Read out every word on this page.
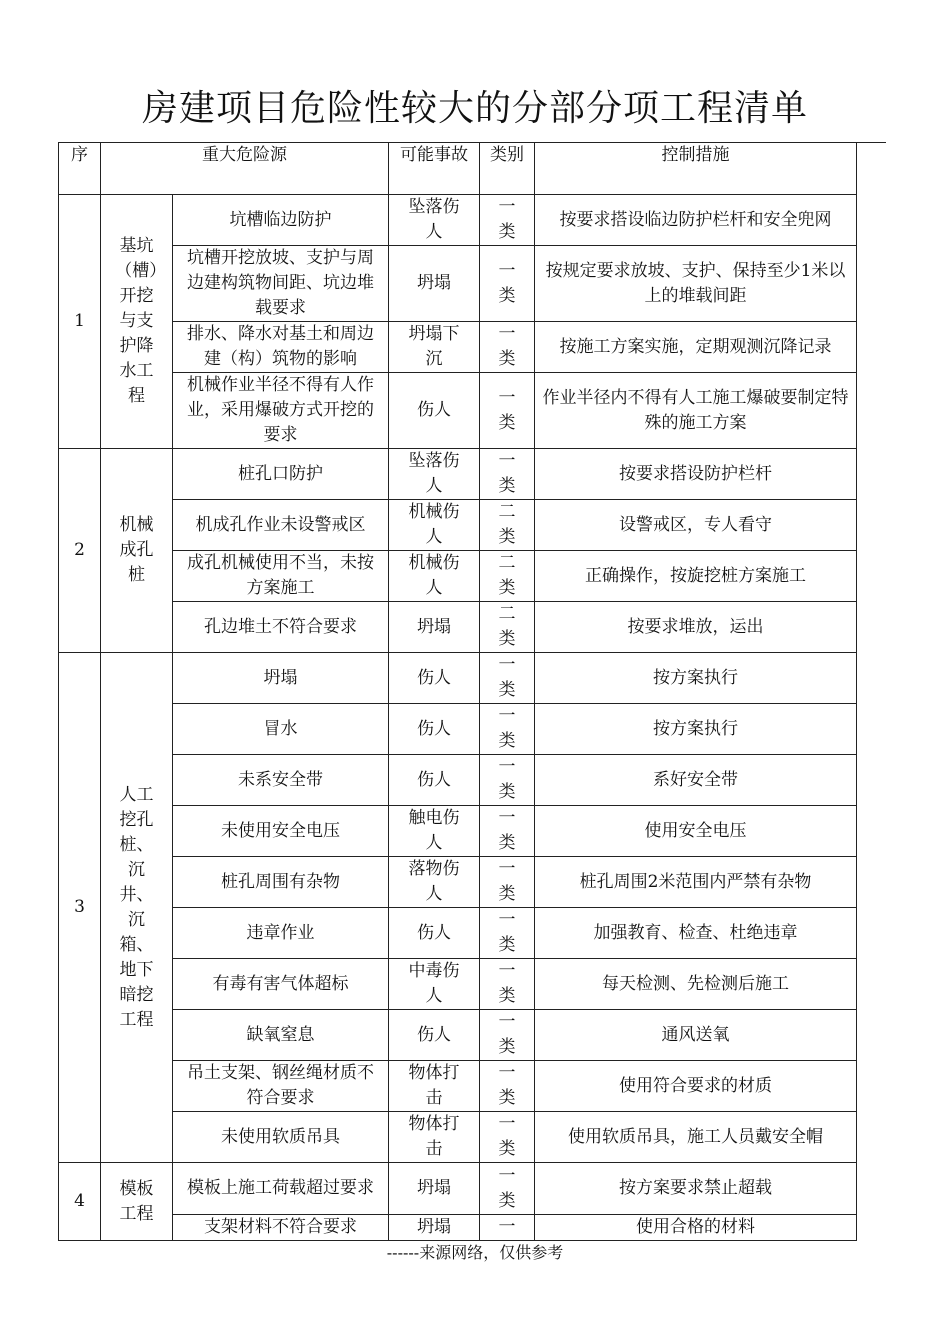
房建项目危险性较大的分部分项工程清单
序	重大危险源		可能事故	类别	控制措施
1	基坑（槽）开挖与支护降水工程	坑槽临边防护	坠落伤人	一类	按要求搭设临边防护栏杆和安全兜网
		坑槽开挖放坡、支护与周边建构筑物间距、坑边堆载要求	坍塌	一类	按规定要求放坡、支护、保持至少1米以上的堆载间距
		排水、降水对基土和周边建（构）筑物的影响	坍塌下沉	一类	按施工方案实施，定期观测沉降记录
		机械作业半径不得有人作业，采用爆破方式开挖的要求	伤人	一类	作业半径内不得有人工施工爆破要制定特殊的施工方案
2	机械成孔桩	桩孔口防护	坠落伤人	一类	按要求搭设防护栏杆
		机成孔作业未设警戒区	机械伤人	二类	设警戒区，专人看守
		成孔机械使用不当，未按方案施工	机械伤人	二类	正确操作，按旋挖桩方案施工
		孔边堆土不符合要求	坍塌	二类	按要求堆放，运出
3	人工挖孔桩、沉井、沉箱、地下暗挖工程	坍塌	伤人	一类	按方案执行
		冒水	伤人	一类	按方案执行
		未系安全带	伤人	一类	系好安全带
		未使用安全电压	触电伤人	一类	使用安全电压
		桩孔周围有杂物	落物伤人	一类	桩孔周围2米范围内严禁有杂物
		违章作业	伤人	一类	加强教育、检查、杜绝违章
		有毒有害气体超标	中毒伤人	一类	每天检测、先检测后施工
		缺氧窒息	伤人	一类	通风送氧
		吊土支架、钢丝绳材质不符合要求	物体打击	一类	使用符合要求的材质
		未使用软质吊具	物体打击	一类	使用软质吊具，施工人员戴安全帽
4	模板工程	模板上施工荷载超过要求	坍塌	一类	按方案要求禁止超载
		支架材料不符合要求	坍塌	一	使用合格的材料
------来源网络，仅供参考
